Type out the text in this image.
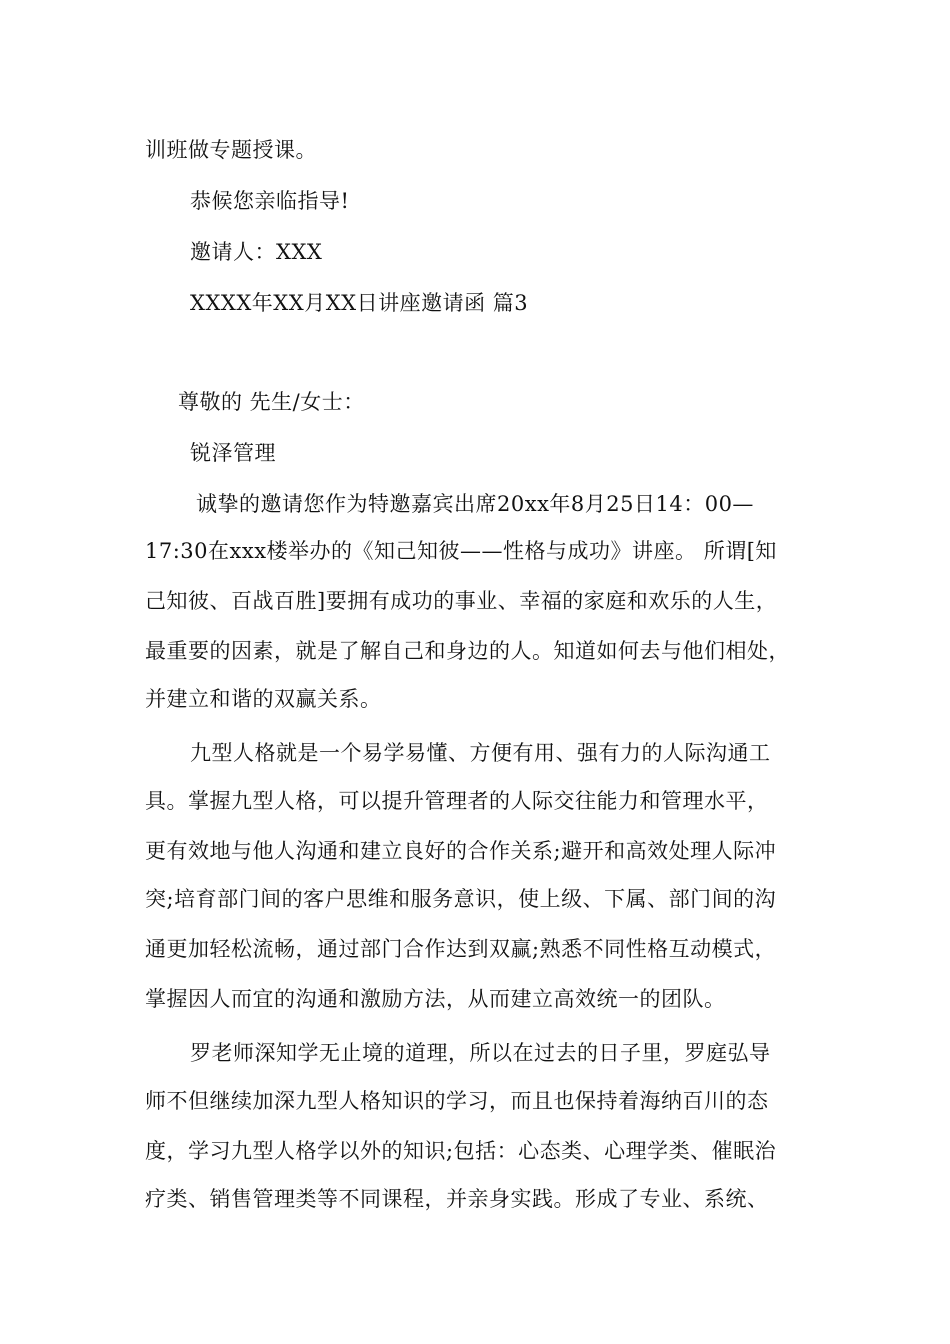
训班做专题授课。

恭候您亲临指导!

邀请人：XXX

XXXX年XX月XX日讲座邀请函 篇3

尊敬的 先生/女士：

锐泽管理

诚挚的邀请您作为特邀嘉宾出席20xx年8月25日14：00—

17:30在xxx楼举办的《知己知彼——性格与成功》讲座。 所谓[知

己知彼、百战百胜]要拥有成功的事业、幸福的家庭和欢乐的人生，

最重要的因素，就是了解自己和身边的人。知道如何去与他们相处，

并建立和谐的双赢关系。

九型人格就是一个易学易懂、方便有用、强有力的人际沟通工

具。掌握九型人格，可以提升管理者的人际交往能力和管理水平，

更有效地与他人沟通和建立良好的合作关系;避开和高效处理人际冲

突;培育部门间的客户思维和服务意识，使上级、下属、部门间的沟

通更加轻松流畅，通过部门合作达到双赢;熟悉不同性格互动模式，

掌握因人而宜的沟通和激励方法，从而建立高效统一的团队。

罗老师深知学无止境的道理，所以在过去的日子里，罗庭弘导

师不但继续加深九型人格知识的学习，而且也保持着海纳百川的态

度，学习九型人格学以外的知识;包括：心态类、心理学类、催眠治

疗类、销售管理类等不同课程，并亲身实践。形成了专业、系统、
